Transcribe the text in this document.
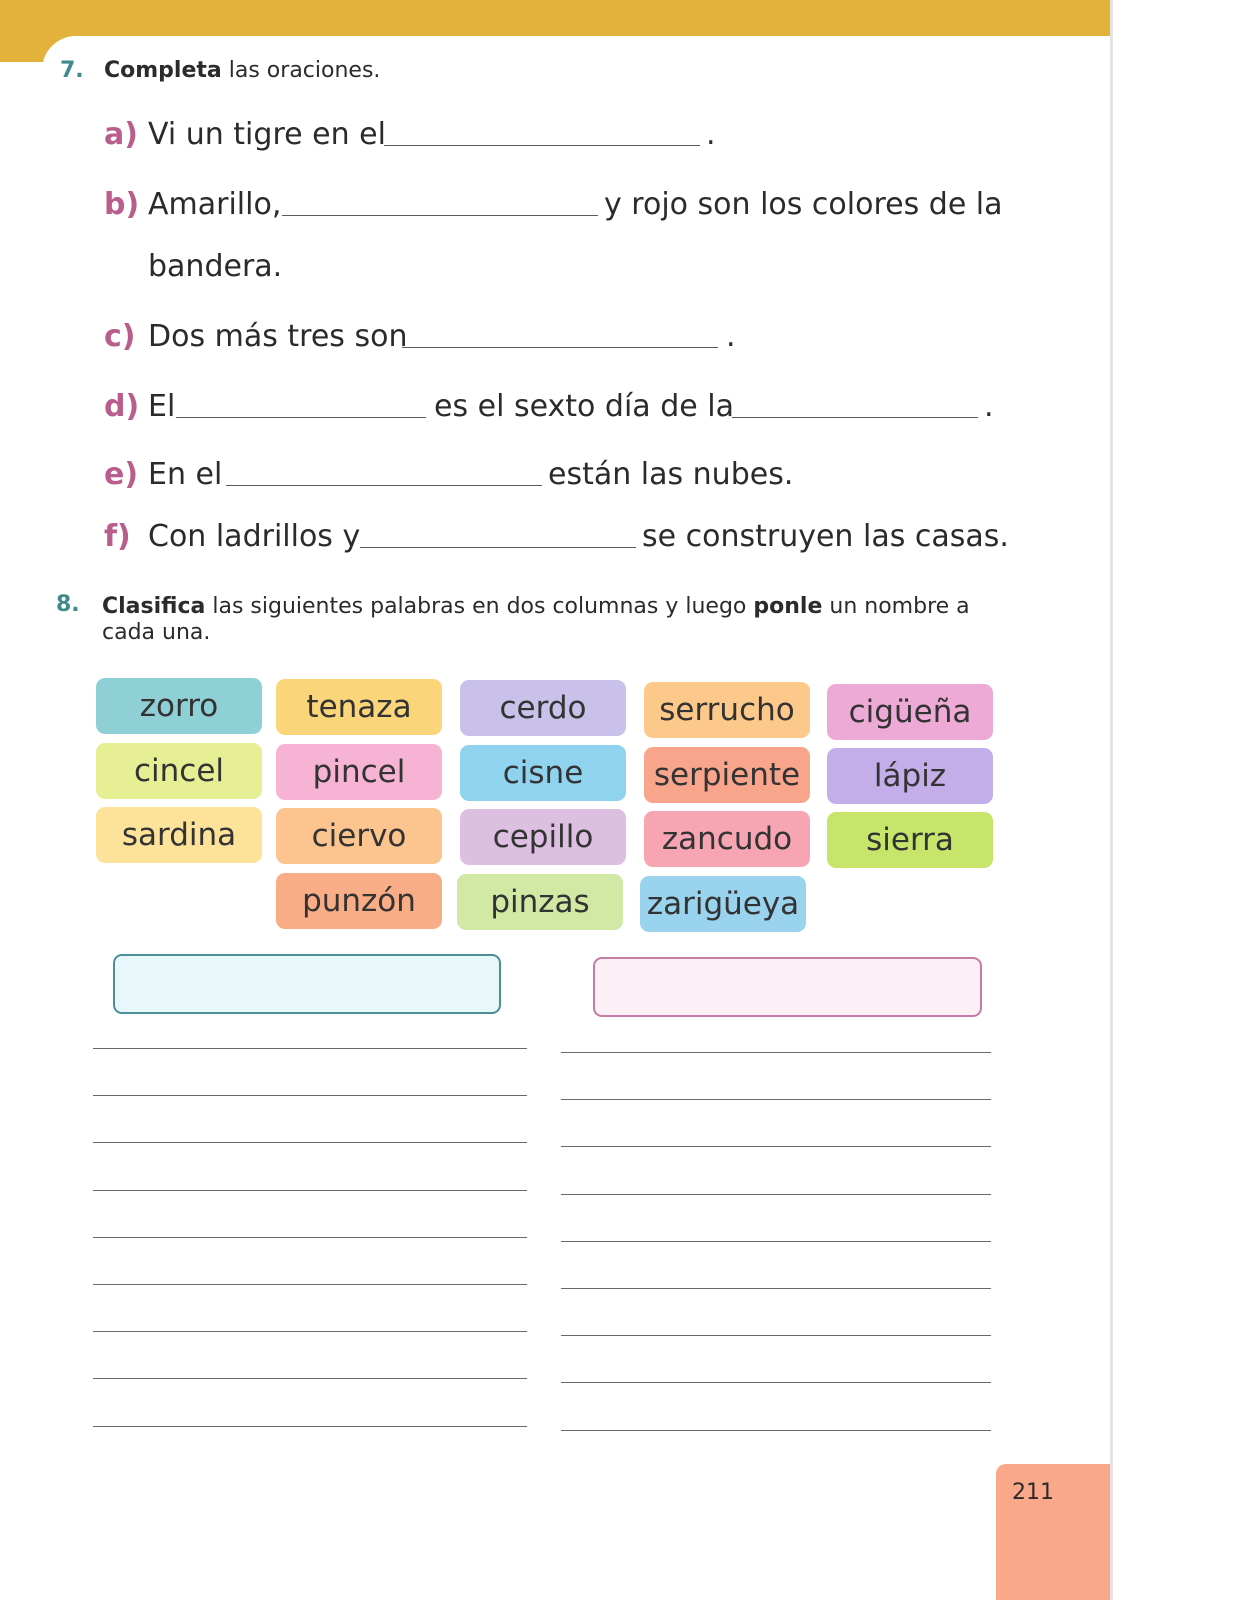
7. Completa las oraciones.
a) Vi un tigre en el	.
b) Amarillo,	y rojo son los colores de la
bandera.
c) Dos más tres son	.
d) El	es el sexto día de la	.
e) En el	están las nubes.
f) Con ladrillos y	se construyen las casas.
8. Clasifica las siguientes palabras en dos columnas y luego ponle un nombre a
cada una.
zorro	tenaza	cerdo	serrucho	cigüeña
cincel	pincel	cisne	serpiente	lápiz
sardina	ciervo	cepillo	zancudo	sierra
punzón	pinzas	zarigüeya
211
